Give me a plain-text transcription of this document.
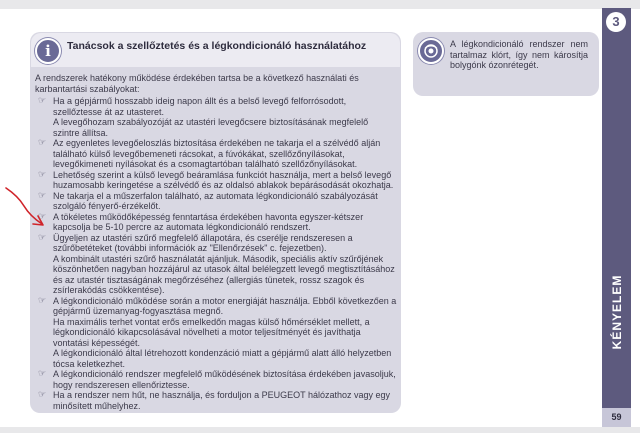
i	Tanácsok a szellőztetés és a légkondicionáló használatához

A rendszerek hatékony működése érdekében tartsa be a következő használati és karbantartási szabályokat:

☞ Ha a gépjármű hosszabb ideig napon állt és a belső levegő felforrósodott, szellőztesse át az utasteret.

A levegőhozam szabályozóját az utastéri levegőcsere biztosításának megfelelő szintre állítsa.

☞ Az egyenletes levegőeloszlás biztosítása érdekében ne takarja el a szélvédő alján található külső levegőbemeneti rácsokat, a fúvókákat, szellőzőnyílásokat, levegőkimeneti nyílásokat és a csomagtartóban található szellőzőnyílásokat.

☞ Lehetőség szerint a külső levegő beáramlása funkciót használja, mert a belső levegő huzamosabb keringetése a szélvédő és az oldalsó ablakok bepárásodását okozhatja.

☞ Ne takarja el a műszerfalon található, az automata légkondicionáló szabályozását szolgáló fényerő-érzékelőt.

☞ A tökéletes működőképesség fenntartása érdekében havonta egyszer-kétszer kapcsolja be 5-10 percre az automata légkondicionáló rendszert.

☞ Ügyeljen az utastéri szűrő megfelelő állapotára, és cserélje rendszeresen a szűrőbetéteket (további információk az "Ellenőrzések" c. fejezetben).

A kombinált utastéri szűrő használatát ajánljuk. Második, speciális aktív szűrőjének köszönhetően nagyban hozzájárul az utasok által belélegzett levegő megtisztításához és az utastér tisztaságának megőrzéséhez (allergiás tünetek, rossz szagok és zsírlerakódás csökkentése).

☞ A légkondicionáló működése során a motor energiáját használja. Ebből következően a gépjármű üzemanyag-fogyasztása megnő.

Ha maximális terhet vontat erős emelkedőn magas külső hőmérséklet mellett, a légkondicionáló kikapcsolásával növelheti a motor teljesítményét és javíthatja vontatási képességét.

A légkondicionáló által létrehozott kondenzáció miatt a gépjármű alatt álló helyzetben tócsa keletkezhet.

☞ A légkondicionáló rendszer megfelelő működésének biztosítása érdekében javasoljuk, hogy rendszeresen ellenőriztesse.

☞ Ha a rendszer nem hűt, ne használja, és forduljon a PEUGEOT hálózathoz vagy egy minősített műhelyhez.

A légkondicionáló rendszer nem tartalmaz klórt, így nem károsítja bolygónk ózonrétegét.
3
KÉNYELEM
59
